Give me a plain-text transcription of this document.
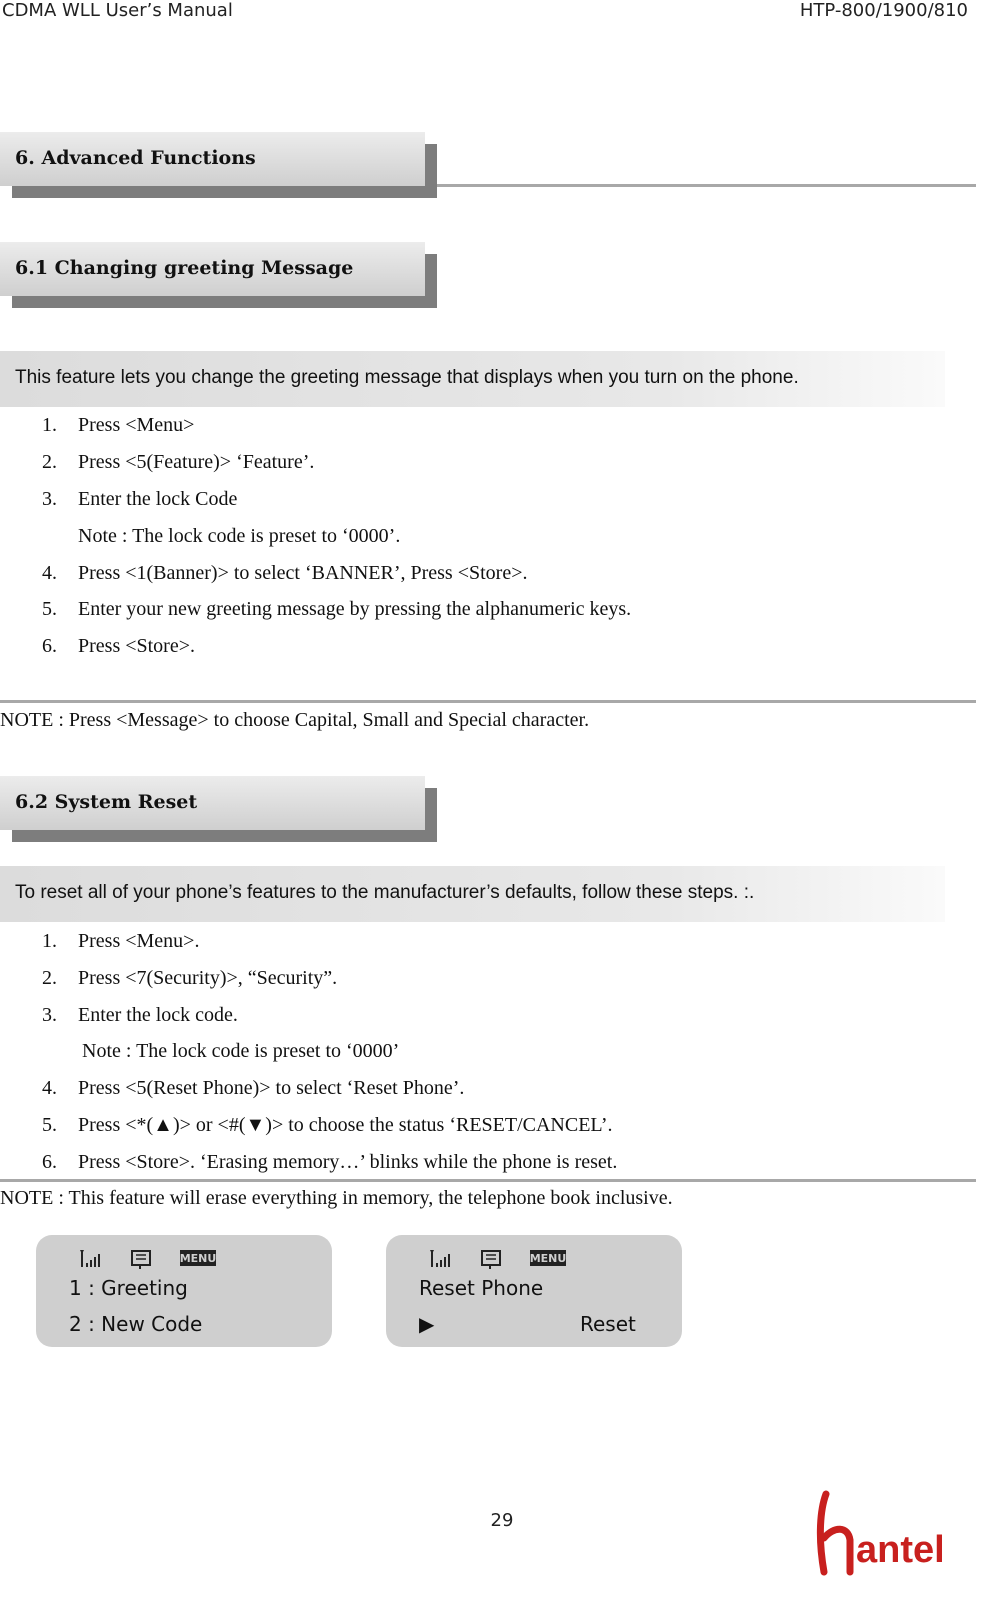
CDMA WLL User’s Manual	HTP-800/1900/810
6. Advanced Functions
6.1 Changing greeting Message
This feature lets you change the greeting message that displays when you turn on the phone.
1.	Press <Menu>
2.	Press <5(Feature)> ‘Feature’.
3.	Enter the lock Code
Note : The lock code is preset to ‘0000’.
4.	Press <1(Banner)> to select ‘BANNER’, Press <Store>.
5.	Enter your new greeting message by pressing the alphanumeric keys.
6.	Press <Store>.
NOTE : Press <Message> to choose Capital, Small and Special character.
6.2 System Reset
To reset all of your phone’s features to the manufacturer’s defaults, follow these steps. :.
1.	Press <Menu>.
2.	Press <7(Security)>, “Security”.
3.	Enter the lock code.
Note : The lock code is preset to ‘0000’
4.	Press <5(Reset Phone)> to select ‘Reset Phone’.
5.	Press <*(▲)> or <#(▼)> to choose the status ‘RESET/CANCEL’.
6.	Press <Store>. ‘Erasing memory…’ blinks while the phone is reset.
NOTE : This feature will erase everything in memory, the telephone book inclusive.
MENU
1 : Greeting
2 : New Code
MENU
Reset Phone
▶	Reset
29
antel
